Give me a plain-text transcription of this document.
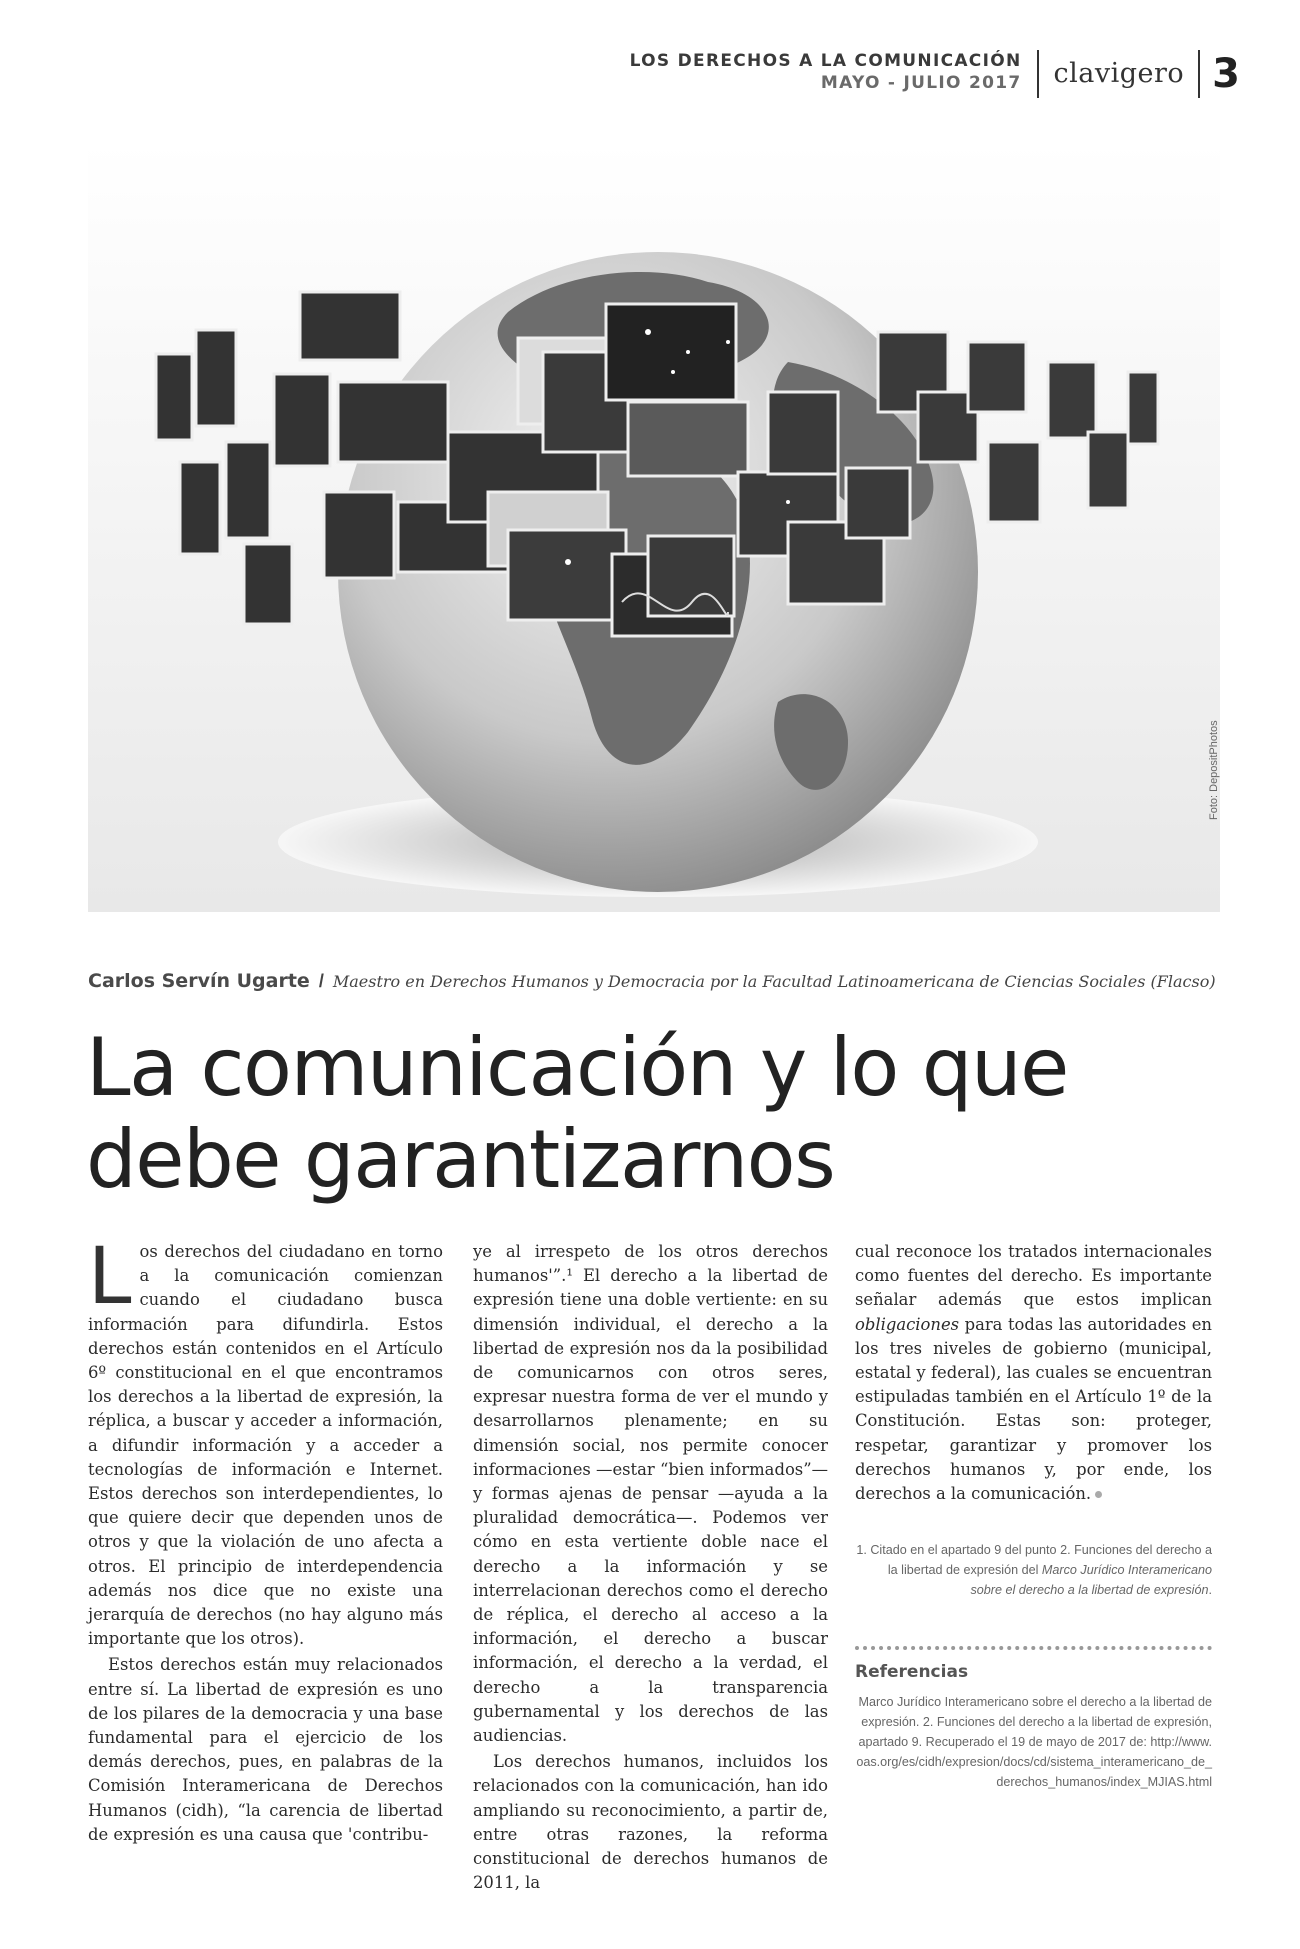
LOS DERECHOS A LA COMUNICACIÓN
MAYO - JULIO 2017	clavigero 3
Foto: DepositPhotos
Carlos Servín Ugarte / Maestro en Derechos Humanos y Democracia por la Facultad Latinoamericana de Ciencias Sociales (Flacso)
La comunicación y lo que debe garantizarnos

Los derechos del ciudadano en torno a la comunicación comienzan cuando el ciudadano busca información para difundirla. Estos derechos están contenidos en el Artículo 6º constitucional en el que encontramos los derechos a la libertad de expresión, la réplica, a buscar y acceder a información, a difundir información y a acceder a tecnologías de información e Internet. Estos derechos son interdependientes, lo que quiere decir que dependen unos de otros y que la violación de uno afecta a otros. El principio de interdependencia además nos dice que no existe una jerarquía de derechos (no hay alguno más importante que los otros).

Estos derechos están muy relacionados entre sí. La libertad de expresión es uno de los pilares de la democracia y una base fundamental para el ejercicio de los demás derechos, pues, en palabras de la Comisión Interamericana de Derechos Humanos (cidh), “la carencia de libertad de expresión es una causa que 'contribu-

ye al irrespeto de los otros derechos humanos'”.¹ El derecho a la libertad de expresión tiene una doble vertiente: en su dimensión individual, el derecho a la libertad de expresión nos da la posibilidad de comunicarnos con otros seres, expresar nuestra forma de ver el mundo y desarrollarnos plenamente; en su dimensión social, nos permite conocer informaciones —estar “bien informados”— y formas ajenas de pensar —ayuda a la pluralidad democrática—. Podemos ver cómo en esta vertiente doble nace el derecho a la información y se interrelacionan derechos como el derecho de réplica, el derecho al acceso a la información, el derecho a buscar información, el derecho a la verdad, el derecho a la transparencia gubernamental y los derechos de las audiencias.

Los derechos humanos, incluidos los relacionados con la comunicación, han ido ampliando su reconocimiento, a partir de, entre otras razones, la reforma constitucional de derechos humanos de 2011, la

cual reconoce los tratados internacionales como fuentes del derecho. Es importante señalar además que estos implican obligaciones para todas las autoridades en los tres niveles de gobierno (municipal, estatal y federal), las cuales se encuentran estipuladas también en el Artículo 1º de la Constitución. Estas son: proteger, respetar, garantizar y promover los derechos humanos y, por ende, los derechos a la comunicación.

1. Citado en el apartado 9 del punto 2. Funciones del derecho a la libertad de expresión del Marco Jurídico Interamericano sobre el derecho a la libertad de expresión.
Referencias
Marco Jurídico Interamericano sobre el derecho a la libertad de expresión. 2. Funciones del derecho a la libertad de expresión, apartado 9. Recuperado el 19 de mayo de 2017 de: http://www.oas.org/es/cidh/expresion/docs/cd/sistema_interamericano_de_derechos_humanos/index_MJIAS.html
